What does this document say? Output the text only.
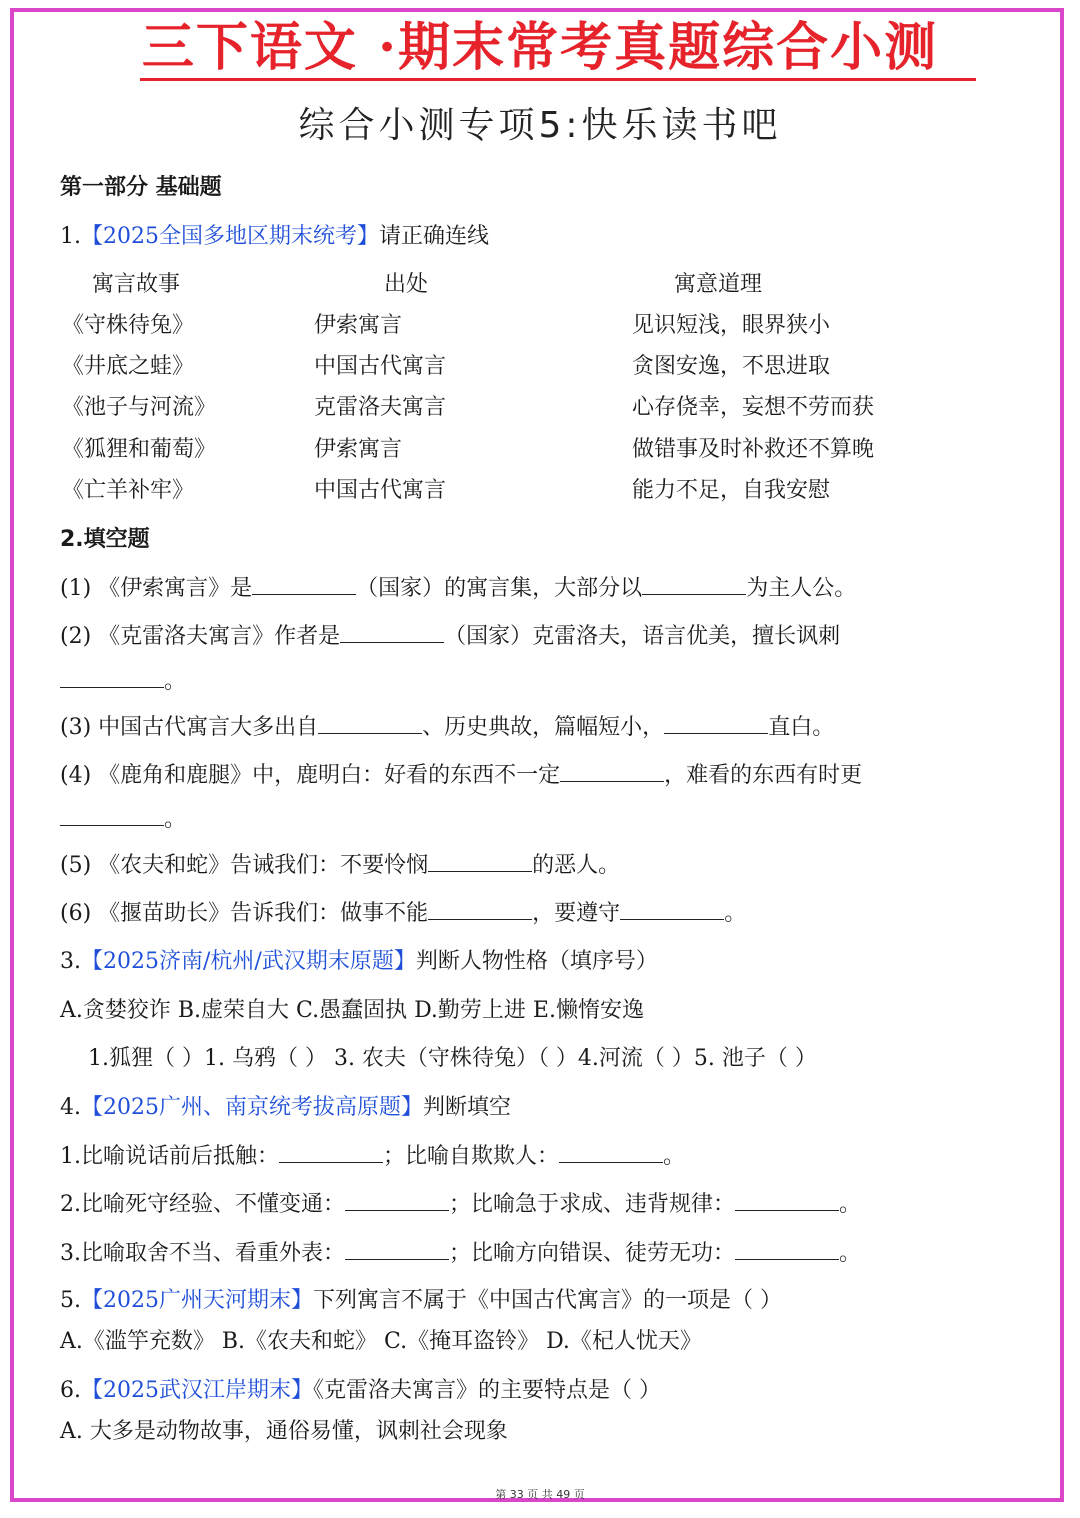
三下语文 ·期末常考真题综合小测
综合小测专项5:快乐读书吧
第一部分 基础题
1.【2025全国多地区期末统考】请正确连线
寓言故事	出处	寓意道理
《守株待兔》	伊索寓言	见识短浅，眼界狭小
《井底之蛙》	中国古代寓言	贪图安逸，不思进取
《池子与河流》	克雷洛夫寓言	心存侥幸，妄想不劳而获
《狐狸和葡萄》	伊索寓言	做错事及时补救还不算晚
《亡羊补牢》	中国古代寓言	能力不足，自我安慰
2.填空题
(1) 《伊索寓言》是	（国家）的寓言集，大部分以	为主人公。
(2) 《克雷洛夫寓言》作者是	（国家）克雷洛夫，语言优美，擅长讽刺
。
(3) 中国古代寓言大多出自	、历史典故，篇幅短小，	直白。
(4) 《鹿角和鹿腿》中，鹿明白：好看的东西不一定	，难看的东西有时更
。
(5) 《农夫和蛇》告诫我们：不要怜悯	的恶人。
(6) 《揠苗助长》告诉我们：做事不能	，要遵守	。
3.【2025济南/杭州/武汉期末原题】判断人物性格（填序号）
A.贪婪狡诈 B.虚荣自大 C.愚蠢固执 D.勤劳上进 E.懒惰安逸
1.狐狸（ ）1. 乌鸦（ ） 3. 农夫（守株待兔）（ ）4.河流（ ）5. 池子（ ）
4.【2025广州、南京统考拔高原题】判断填空
1.比喻说话前后抵触：	；比喻自欺欺人：	。
2.比喻死守经验、不懂变通：	；比喻急于求成、违背规律：	。
3.比喻取舍不当、看重外表：	；比喻方向错误、徒劳无功：	。
5.【2025广州天河期末】下列寓言不属于《中国古代寓言》的一项是（ ）
A.《滥竽充数》 B.《农夫和蛇》 C.《掩耳盗铃》 D.《杞人忧天》
6.【2025武汉江岸期末】《克雷洛夫寓言》的主要特点是（ ）
A. 大多是动物故事，通俗易懂，讽刺社会现象
第 33 页 共 49 页
